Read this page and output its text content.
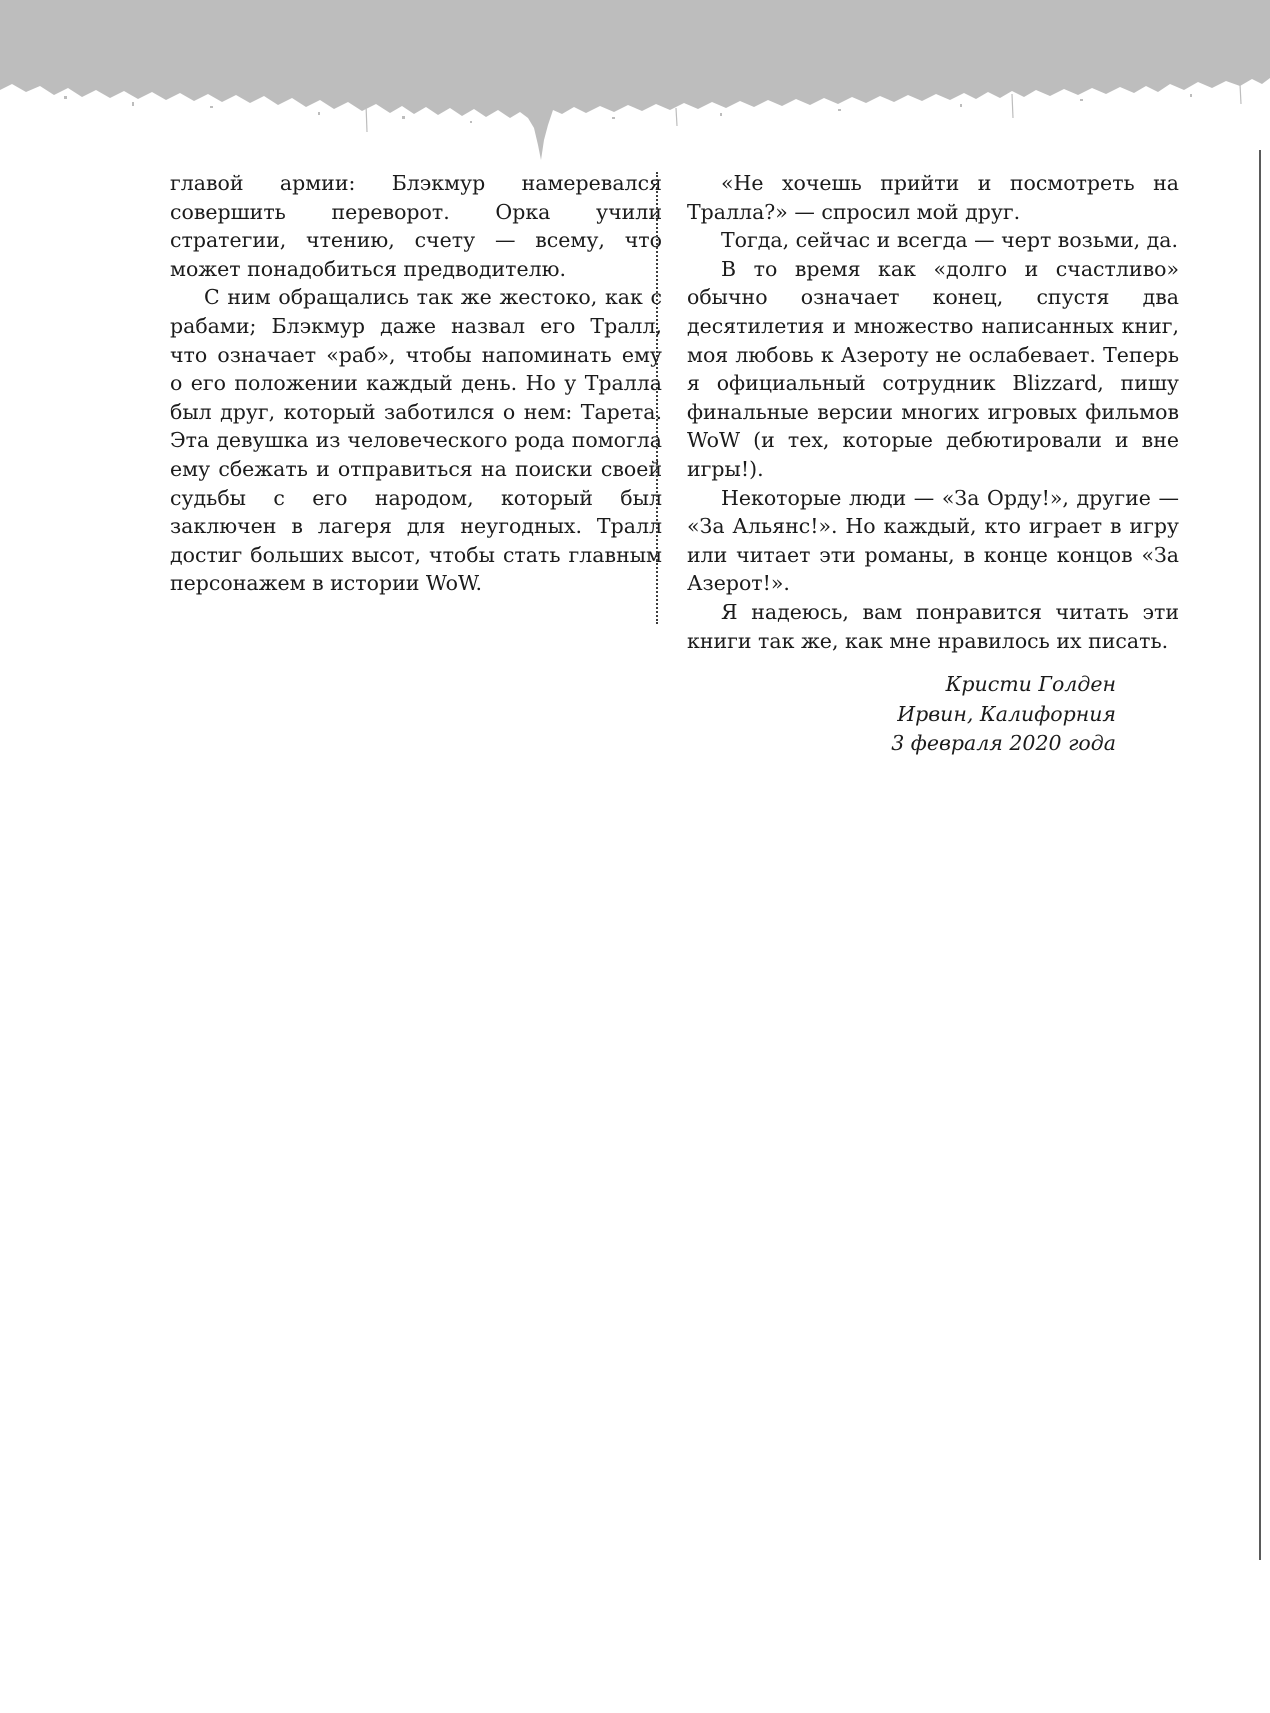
главой армии: Блэкмур намеревался совершить переворот. Орка учили стратегии, чтению, счету — всему, что может понадобиться предводителю.

С ним обращались так же жестоко, как с рабами; Блэкмур даже назвал его Тралл, что означает «раб», чтобы напоминать ему о его положении каждый день. Но у Тралла был друг, который заботился о нем: Тарета. Эта девушка из человеческого рода помогла ему сбежать и отправиться на поиски своей судьбы с его народом, который был заключен в лагеря для неугодных. Тралл достиг больших высот, чтобы стать главным персонажем в истории WoW.

«Не хочешь прийти и посмотреть на Тралла?» — спросил мой друг.

Тогда, сейчас и всегда — черт возьми, да.

В то время как «долго и счастливо» обычно означает конец, спустя два десятилетия и множество написанных книг, моя любовь к Азероту не ослабевает. Теперь я официальный сотрудник Blizzard, пишу финальные версии многих игровых фильмов WoW (и тех, которые дебютировали и вне игры!).

Некоторые люди — «За Орду!», другие — «За Альянс!». Но каждый, кто играет в игру или читает эти романы, в конце концов «За Азерот!».

Я надеюсь, вам понравится читать эти книги так же, как мне нравилось их писать.

Кристи Голден
Ирвин, Калифорния
3 февраля 2020 года
